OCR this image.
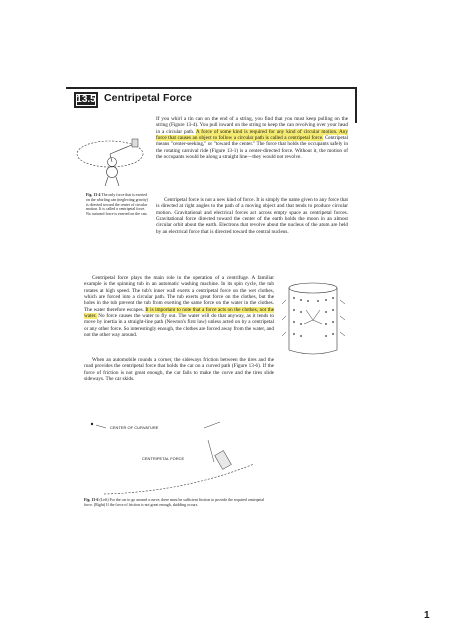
13.5 Centripetal Force

Fig. 13-4 The only force that is exerted on the whirling can (neglecting gravity) is directed toward the center of circular motion. It is called a centripetal force. No outward force is exerted on the can.

If you whirl a tin can on the end of a string, you find that you must keep pulling on the string (Figure 13-4). You pull inward on the string to keep the can revolving over your head in a circular path. A force of some kind is required for any kind of circular motion. Any force that causes an object to follow a circular path is called a centripetal force. Centripetal means "center-seeking," or "toward the center." The force that holds the occupants safely in the rotating carnival ride (Figure 13-1) is a center-directed force. Without it, the motion of the occupants would be along a straight line—they would not revolve.

Centripetal force is not a new kind of force. It is simply the name given to any force that is directed at right angles to the path of a moving object and that tends to produce circular motion. Gravitational and electrical forces act across empty space as centripetal forces. Gravitational force directed toward the center of the earth holds the moon in an almost circular orbit about the earth. Electrons that revolve about the nucleus of the atom are held by an electrical force that is directed toward the central nucleus.

Centripetal force plays the main role in the operation of a centrifuge. A familiar example is the spinning tub in an automatic washing machine. In its spin cycle, the tub rotates at high speed. The tub's inner wall exerts a centripetal force on the wet clothes, which are forced into a circular path. The tub exerts great force on the clothes, but the holes in the tub prevent the tub from exerting the same force on the water in the clothes. The water therefore escapes. It is important to note that a force acts on the clothes, not the water. No force causes the water to fly out. The water will do that anyway, as it tends to move by inertia in a straight-line path (Newton's first law) unless acted on by a centripetal or any other force. So interestingly enough, the clothes are forced away from the water, and not the other way around.

When an automobile rounds a corner, the sideways friction between the tires and the road provides the centripetal force that holds the car on a curved path (Figure 13-6). If the force of friction is not great enough, the car fails to make the curve and the tires slide sideways. The car skids.

CENTER OF CURVATURE
CENTRIPETAL FORCE

Fig. 13-6 (Left) For the car to go around a curve, there must be sufficient friction to provide the required centripetal force. (Right) If the force of friction is not great enough, skidding occurs.

1
